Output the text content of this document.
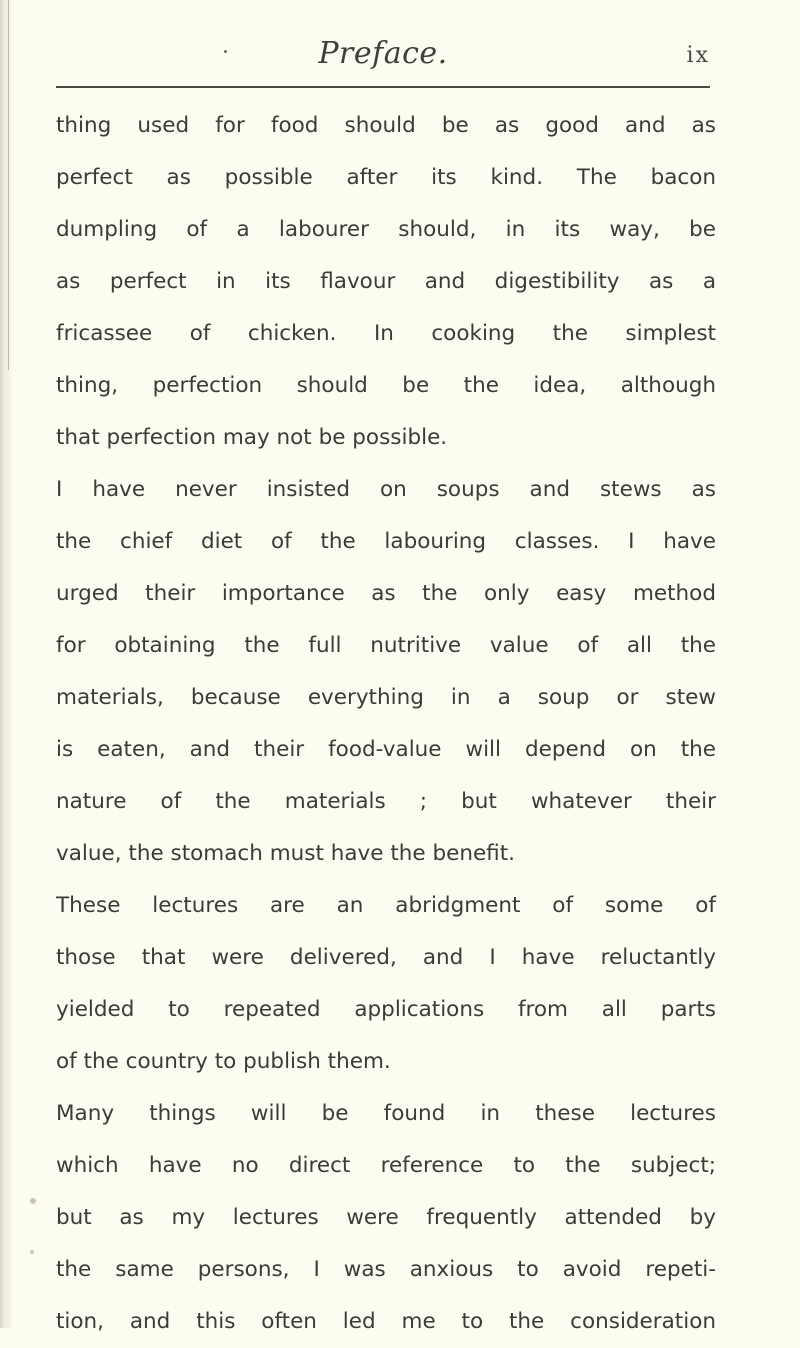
Preface.	ix
thing used for food should be as good and as
perfect as possible after its kind. The bacon
dumpling of a labourer should, in its way, be
as perfect in its flavour and digestibility as a
fricassee of chicken. In cooking the simplest
thing, perfection should be the idea, although
that perfection may not be possible.
I have never insisted on soups and stews as
the chief diet of the labouring classes. I have
urged their importance as the only easy method
for obtaining the full nutritive value of all the
materials, because everything in a soup or stew
is eaten, and their food-value will depend on the
nature of the materials ; but whatever their
value, the stomach must have the benefit.
These lectures are an abridgment of some of
those that were delivered, and I have reluctantly
yielded to repeated applications from all parts
of the country to publish them.
Many things will be found in these lectures
which have no direct reference to the subject;
but as my lectures were frequently attended by
the same persons, I was anxious to avoid repeti-
tion, and this often led me to the consideration
